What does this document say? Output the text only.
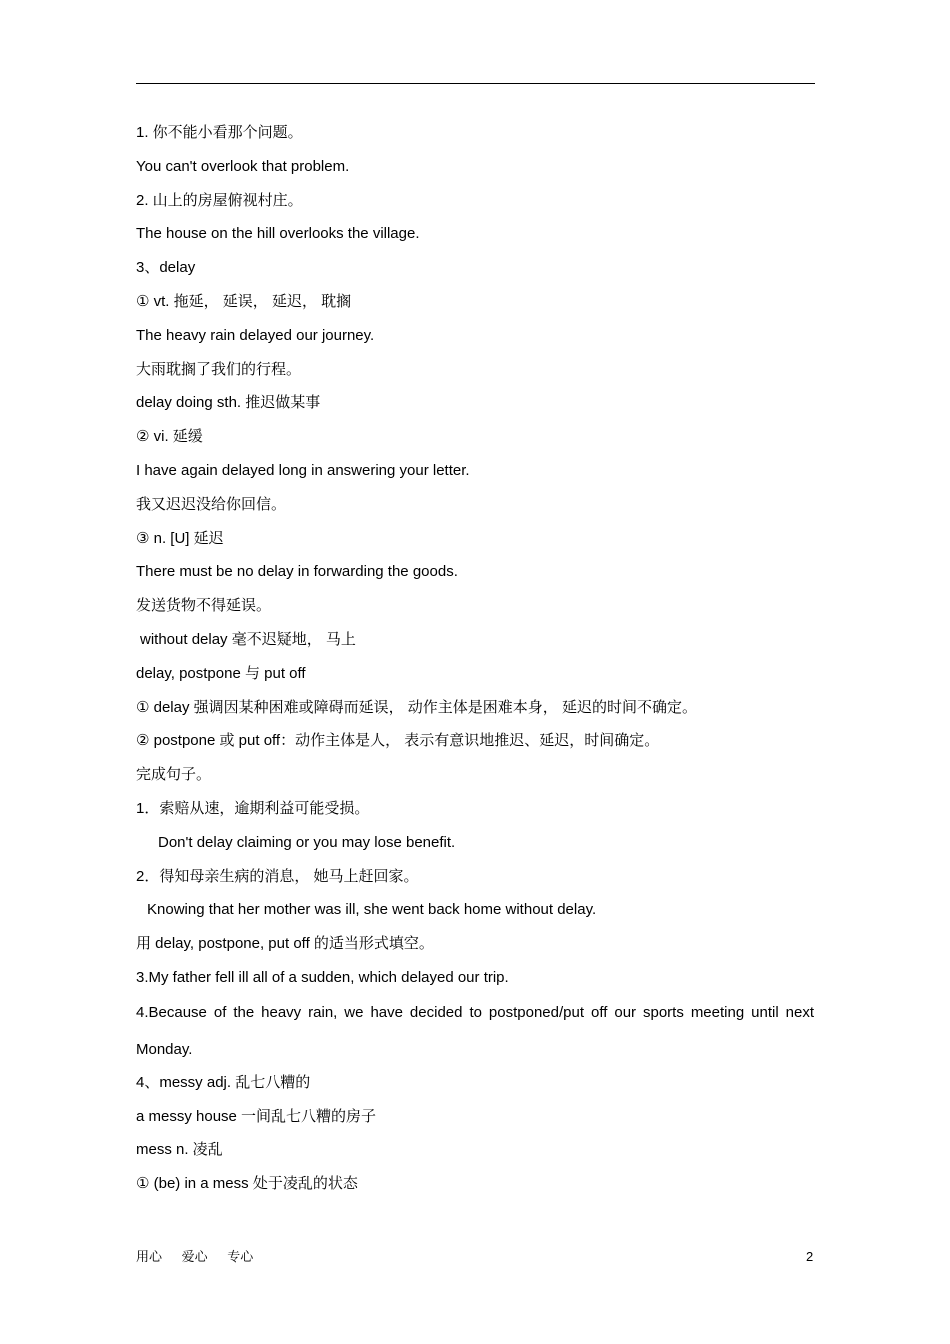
1. 你不能小看那个问题。
You can't overlook that problem.
2. 山上的房屋俯视村庄。
The house on the hill overlooks the village.
3、delay
① vt. 拖延， 延误， 延迟， 耽搁
The heavy rain delayed our journey.
大雨耽搁了我们的行程。
delay doing sth. 推迟做某事
② vi. 延缓
I have again delayed long in answering your letter.
我又迟迟没给你回信。
③ n. [U] 延迟
There must be no delay in forwarding the goods.
发送货物不得延误。
without delay 毫不迟疑地， 马上
delay, postpone 与 put off
① delay 强调因某种困难或障碍而延误， 动作主体是困难本身， 延迟的时间不确定。
② postpone 或 put off：动作主体是人， 表示有意识地推迟、延迟，时间确定。
完成句子。
1．索赔从速，逾期利益可能受损。
Don't delay claiming or you may lose benefit.
2．得知母亲生病的消息， 她马上赶回家。
Knowing that her mother was ill, she went back home without delay.
用 delay, postpone, put off 的适当形式填空。
3.My father fell ill all of a sudden, which delayed our trip.
4.Because of the heavy rain, we have decided to postponed/put off our sports meeting until next Monday.
4、messy adj. 乱七八糟的
a messy house 一间乱七八糟的房子
mess n. 凌乱
① (be) in a mess 处于凌乱的状态
用心 爱心 专心	2
